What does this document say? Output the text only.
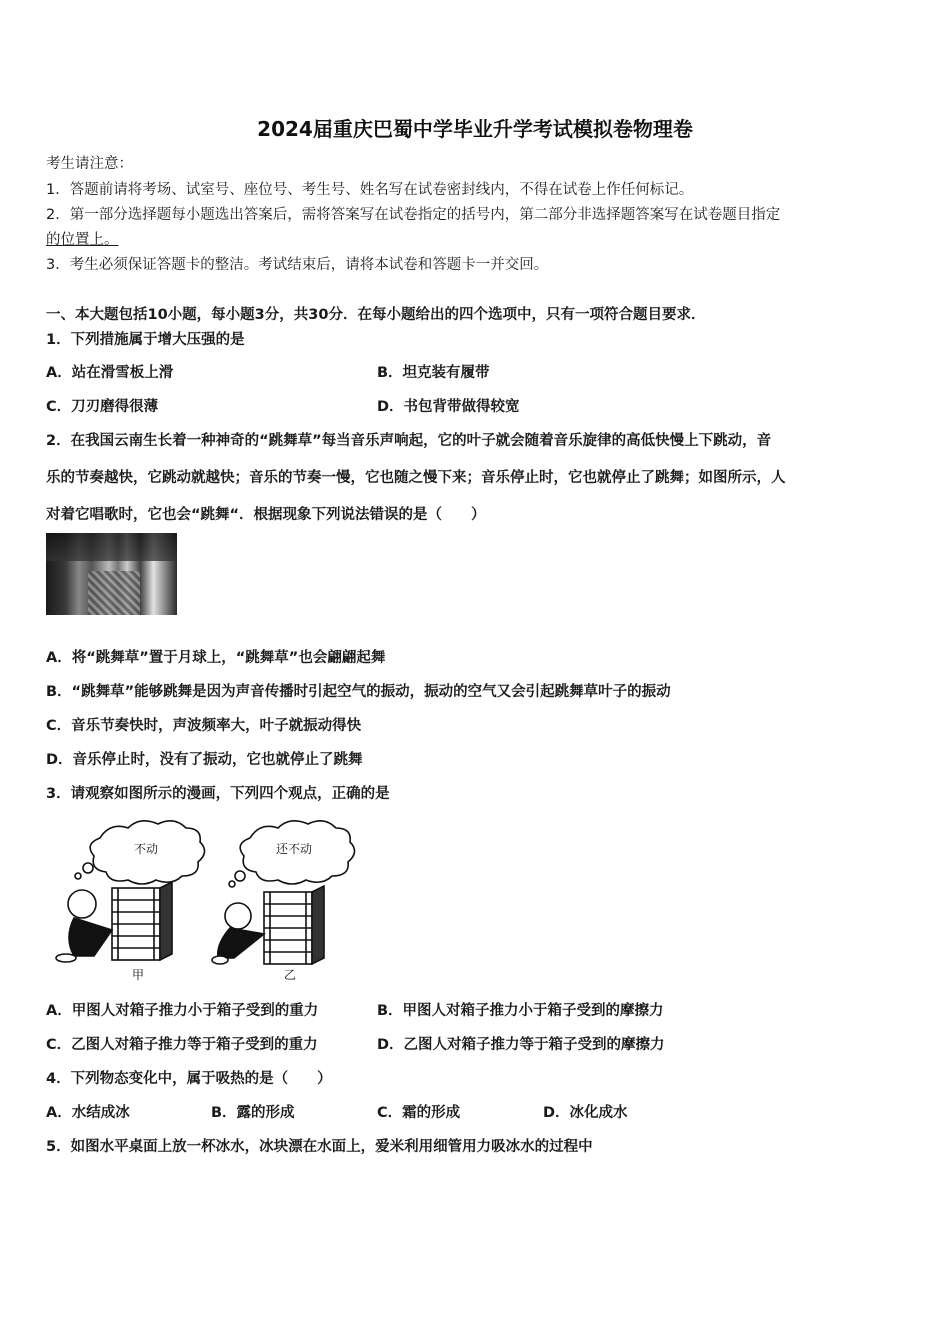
2024届重庆巴蜀中学毕业升学考试模拟卷物理卷
考生请注意：
1．答题前请将考场、试室号、座位号、考生号、姓名写在试卷密封线内，不得在试卷上作任何标记。
2．第一部分选择题每小题选出答案后，需将答案写在试卷指定的括号内，第二部分非选择题答案写在试卷题目指定
的位置上。
3．考生必须保证答题卡的整洁。考试结束后，请将本试卷和答题卡一并交回。
一、本大题包括10小题，每小题3分，共30分．在每小题给出的四个选项中，只有一项符合题目要求．
1．下列措施属于增大压强的是
A．站在滑雪板上滑	B．坦克装有履带
C．刀刃磨得很薄	D．书包背带做得较宽
2．在我国云南生长着一种神奇的“跳舞草”每当音乐声响起，它的叶子就会随着音乐旋律的高低快慢上下跳动，音
乐的节奏越快，它跳动就越快；音乐的节奏一慢，它也随之慢下来；音乐停止时，它也就停止了跳舞；如图所示，人
对着它唱歌时，它也会“跳舞“．根据现象下列说法错误的是（　　）
A．将“跳舞草”置于月球上，“跳舞草”也会翩翩起舞
B．“跳舞草”能够跳舞是因为声音传播时引起空气的振动，振动的空气又会引起跳舞草叶子的振动
C．音乐节奏快时，声波频率大，叶子就振动得快
D．音乐停止时，没有了振动，它也就停止了跳舞
3．请观察如图所示的漫画，下列四个观点，正确的是
不动	还不动
甲	乙
A．甲图人对箱子推力小于箱子受到的重力	B．甲图人对箱子推力小于箱子受到的摩擦力
C．乙图人对箱子推力等于箱子受到的重力	D．乙图人对箱子推力等于箱子受到的摩擦力
4．下列物态变化中，属于吸热的是（　　）
A．水结成冰	B．露的形成	C．霜的形成	D．冰化成水
5．如图水平桌面上放一杯冰水，冰块漂在水面上，爱米利用细管用力吸冰水的过程中
